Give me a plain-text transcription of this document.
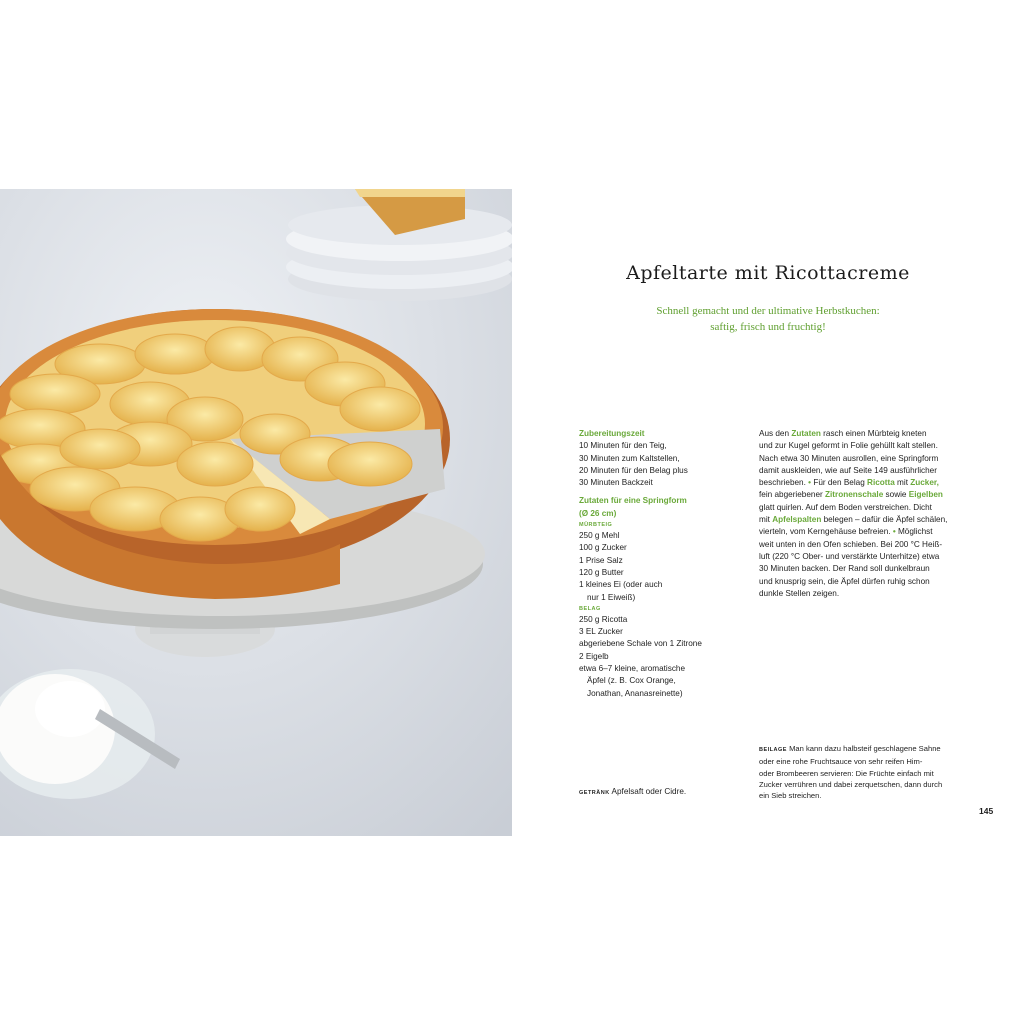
Apfeltarte mit Ricottacreme
Schnell gemacht und der ultimative Herbstkuchen:
saftig, frisch und fruchtig!
Zubereitungszeit
10 Minuten für den Teig,
30 Minuten zum Kaltstellen,
20 Minuten für den Belag plus
30 Minuten Backzeit
Zutaten für eine Springform
(Ø 26 cm)
MÜRBTEIG
250 g Mehl
100 g Zucker
1 Prise Salz
120 g Butter
1 kleines Ei (oder auch
nur 1 Eiweiß)
BELAG
250 g Ricotta
3 EL Zucker
abgeriebene Schale von 1 Zitrone
2 Eigelb
etwa 6–7 kleine, aromatische
Äpfel (z. B. Cox Orange,
Jonathan, Ananasreinette)
Aus den Zutaten rasch einen Mürbteig kneten
und zur Kugel geformt in Folie gehüllt kalt stellen.
Nach etwa 30 Minuten ausrollen, eine Springform
damit auskleiden, wie auf Seite 149 ausführlicher
beschrieben. • Für den Belag Ricotta mit Zucker,
fein abgeriebener Zitronenschale sowie Eigelben
glatt quirlen. Auf dem Boden verstreichen. Dicht
mit Apfelspalten belegen – dafür die Äpfel schälen,
vierteln, vom Kerngehäuse befreien. • Möglichst
weit unten in den Ofen schieben. Bei 200 °C Heiß-
luft (220 °C Ober- und verstärkte Unterhitze) etwa
30 Minuten backen. Der Rand soll dunkelbraun
und knusprig sein, die Äpfel dürfen ruhig schon
dunkle Stellen zeigen.
BEILAGE Man kann dazu halbsteif geschlagene Sahne
oder eine rohe Fruchtsauce von sehr reifen Him-
oder Brombeeren servieren: Die Früchte einfach mit
Zucker verrühren und dabei zerquetschen, dann durch
ein Sieb streichen.
GETRÄNK Apfelsaft oder Cidre.
145
